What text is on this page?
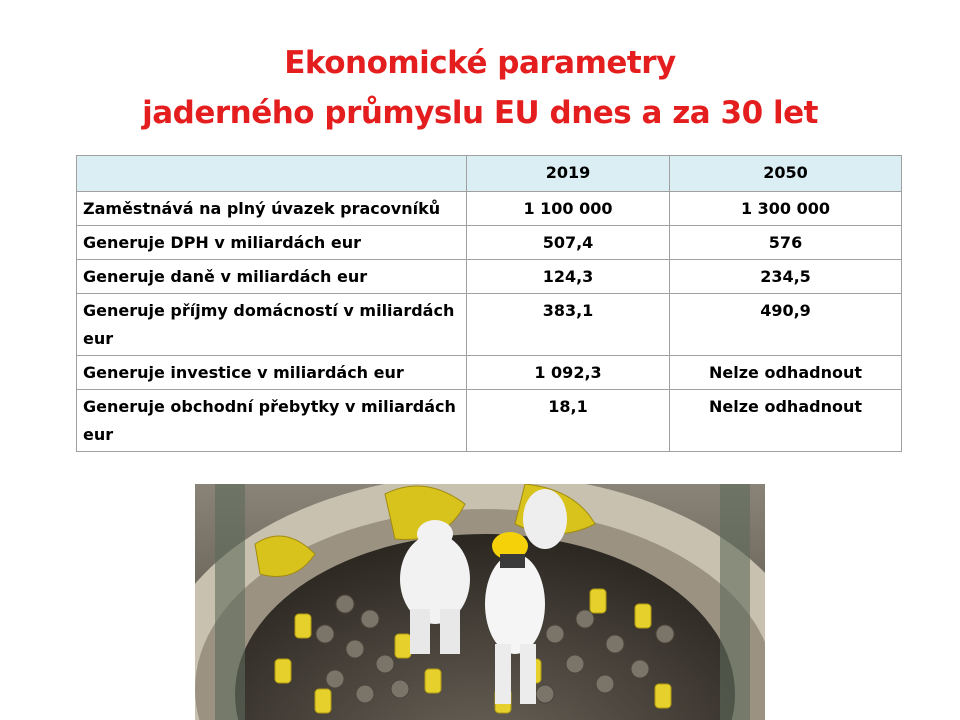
Ekonomické parametry
jaderného průmyslu EU dnes a za 30 let
	2019	2050
Zaměstnává na plný úvazek pracovníků	1 100 000	1 300 000
Generuje DPH v miliardách eur	507,4	576
Generuje daně v miliardách eur	124,3	234,5
Generuje příjmy domácností v miliardách eur	383,1	490,9
Generuje investice v miliardách eur	1 092,3	Nelze odhadnout
Generuje obchodní přebytky v miliardách eur	18,1	Nelze odhadnout
